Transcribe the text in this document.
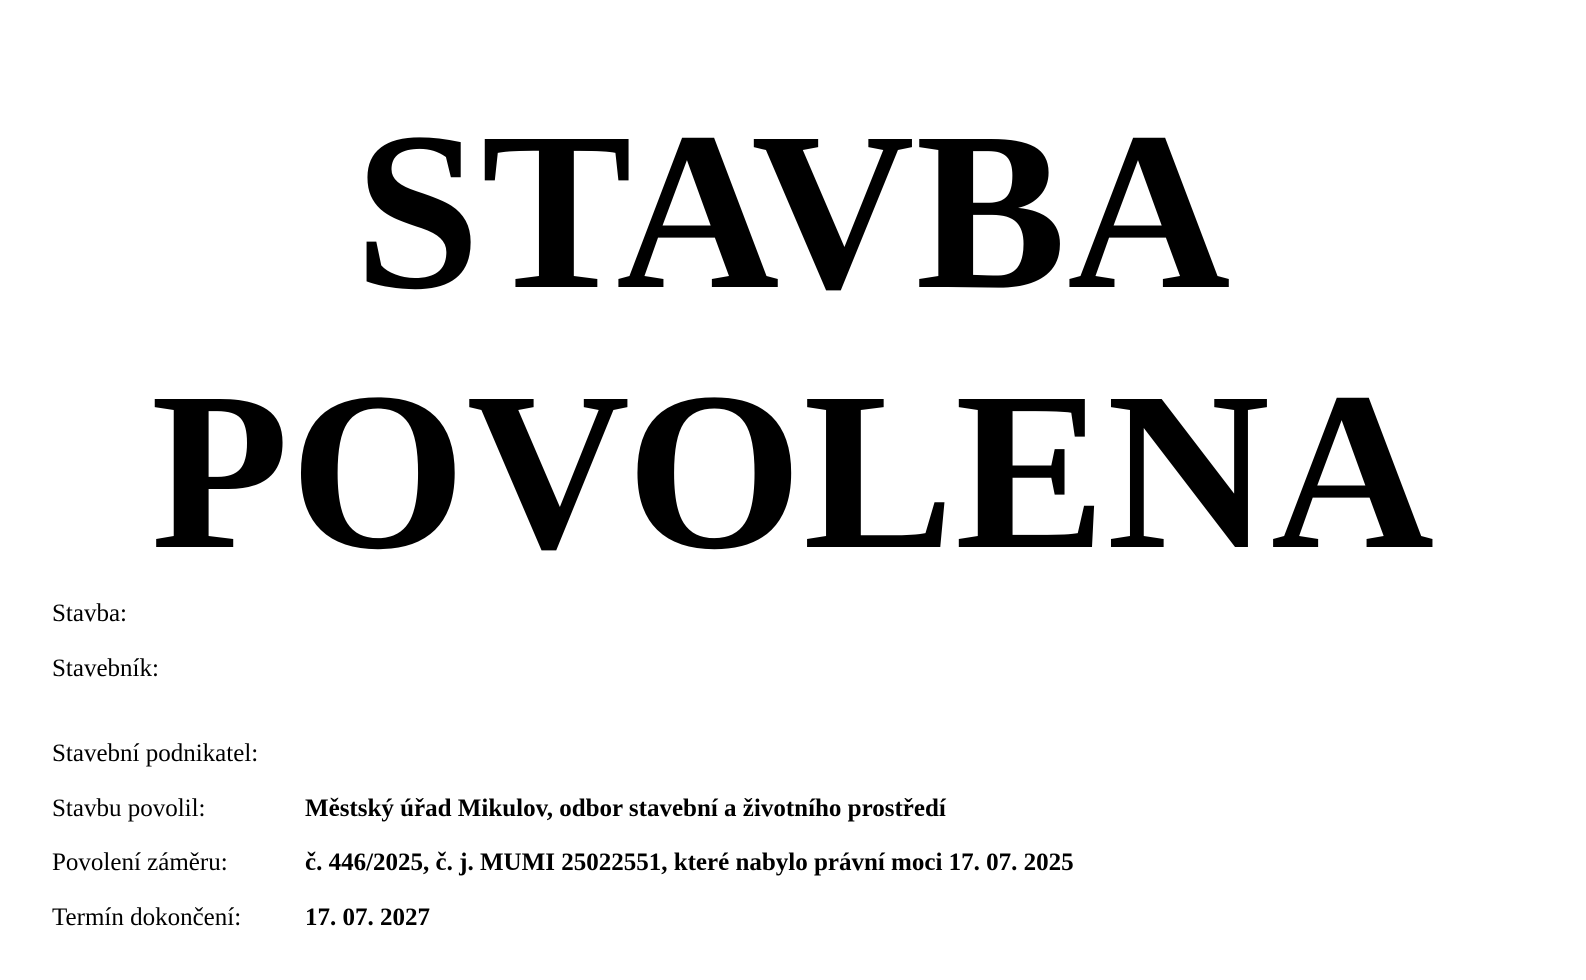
STAVBA
POVOLENA
Stavba:
Stavebník:
Stavební podnikatel:
Stavbu povolil:	Městský úřad Mikulov, odbor stavební a životního prostředí
Povolení záměru:	č. 446/2025, č. j. MUMI 25022551, které nabylo právní moci 17. 07. 2025
Termín dokončení:	17. 07. 2027
